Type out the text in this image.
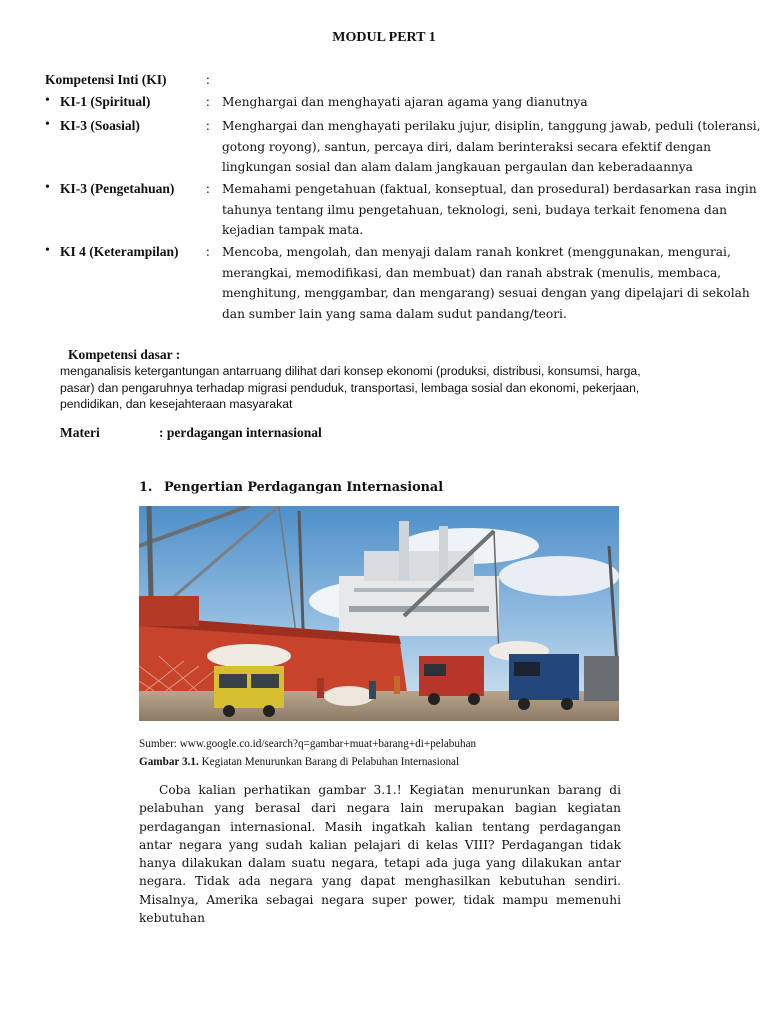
MODUL PERT 1
Kompetensi Inti (KI)	:
• KI-1 (Spiritual)	: Menghargai dan menghayati ajaran agama yang dianutnya
• KI-3 (Soasial)	: Menghargai dan menghayati perilaku jujur, disiplin, tanggung jawab, peduli (toleransi, gotong royong), santun, percaya diri, dalam berinteraksi secara efektif dengan lingkungan sosial dan alam dalam jangkauan pergaulan dan keberadaannya
• KI-3 (Pengetahuan) : Memahami pengetahuan (faktual, konseptual, dan prosedural) berdasarkan rasa ingin tahunya tentang ilmu pengetahuan, teknologi, seni, budaya terkait fenomena dan kejadian tampak mata.
• KI 4 (Keterampilan) : Mencoba, mengolah, dan menyaji dalam ranah konkret (menggunakan, mengurai, merangkai, memodifikasi, dan membuat) dan ranah abstrak (menulis, membaca, menghitung, menggambar, dan mengarang) sesuai dengan yang dipelajari di sekolah dan sumber lain yang sama dalam sudut pandang/teori.
Kompetensi dasar :
menganalisis ketergantungan antarruang dilihat dari konsep ekonomi (produksi, distribusi, konsumsi, harga, pasar) dan pengaruhnya terhadap migrasi penduduk, transportasi, lembaga sosial dan ekonomi, pekerjaan, pendidikan, dan kesejahteraan masyarakat
Materi	: perdagangan internasional
1. Pengertian Perdagangan Internasional
Sumber: www.google.co.id/search?q=gambar+muat+barang+di+pelabuhan
Gambar 3.1. Kegiatan Menurunkan Barang di Pelabuhan Internasional
Coba kalian perhatikan gambar 3.1.! Kegiatan menurunkan barang di pelabuhan yang berasal dari negara lain merupakan bagian kegiatan perdagangan internasional. Masih ingatkah kalian tentang perdagangan antar negara yang sudah kalian pelajari di kelas VIII? Perdagangan tidak hanya dilakukan dalam suatu negara, tetapi ada juga yang dilakukan antar negara. Tidak ada negara yang dapat menghasilkan kebutuhan sendiri. Misalnya, Amerika sebagai negara super power, tidak mampu memenuhi kebutuhan
